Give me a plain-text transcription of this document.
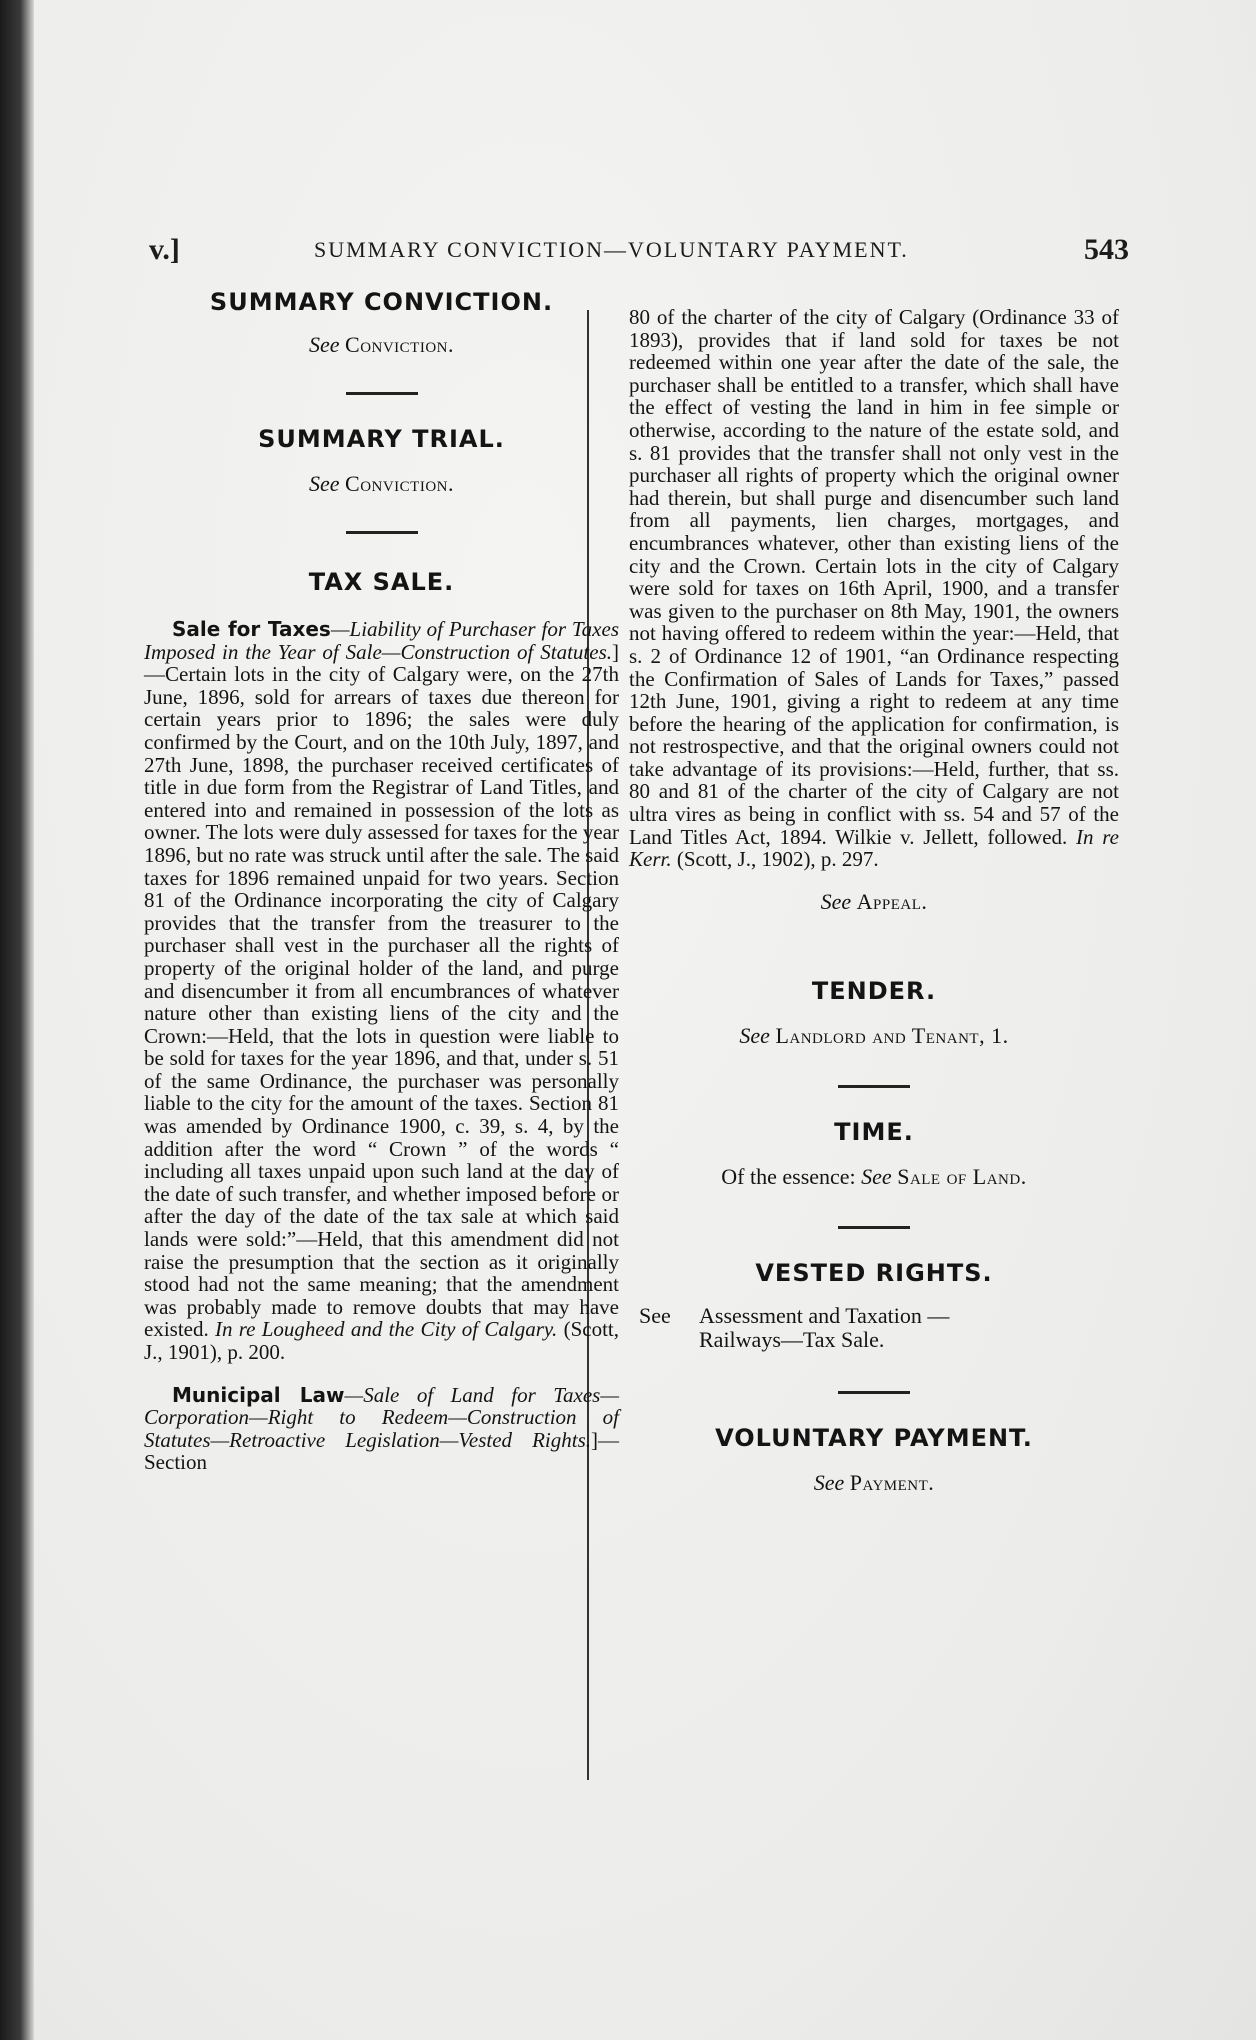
v.]	SUMMARY CONVICTION—VOLUNTARY PAYMENT.	543

SUMMARY CONVICTION.

See Conviction.

SUMMARY TRIAL.

See Conviction.

TAX SALE.

Sale for Taxes—Liability of Purchaser for Taxes Imposed in the Year of Sale—Construction of Statutes.]—Certain lots in the city of Calgary were, on the 27th June, 1896, sold for arrears of taxes due thereon for certain years prior to 1896; the sales were duly confirmed by the Court, and on the 10th July, 1897, and 27th June, 1898, the purchaser received certificates of title in due form from the Registrar of Land Titles, and entered into and remained in possession of the lots as owner. The lots were duly assessed for taxes for the year 1896, but no rate was struck until after the sale. The said taxes for 1896 remained unpaid for two years. Section 81 of the Ordinance incorporating the city of Calgary provides that the transfer from the treasurer to the purchaser shall vest in the purchaser all the rights of property of the original holder of the land, and purge and disencumber it from all encumbrances of whatever nature other than existing liens of the city and the Crown:—Held, that the lots in question were liable to be sold for taxes for the year 1896, and that, under s. 51 of the same Ordinance, the purchaser was personally liable to the city for the amount of the taxes. Section 81 was amended by Ordinance 1900, c. 39, s. 4, by the addition after the word “ Crown ” of the words “ including all taxes unpaid upon such land at the day of the date of such transfer, and whether imposed before or after the day of the date of the tax sale at which said lands were sold:”—Held, that this amendment did not raise the presumption that the section as it originally stood had not the same meaning; that the amendment was probably made to remove doubts that may have existed. In re Lougheed and the City of Calgary. (Scott, J., 1901), p. 200.

Municipal Law—Sale of Land for Taxes—Corporation—Right to Redeem—Construction of Statutes—Retroactive Legislation—Vested Rights.]—Section

80 of the charter of the city of Calgary (Ordinance 33 of 1893), provides that if land sold for taxes be not redeemed within one year after the date of the sale, the purchaser shall be entitled to a transfer, which shall have the effect of vesting the land in him in fee simple or otherwise, according to the nature of the estate sold, and s. 81 provides that the transfer shall not only vest in the purchaser all rights of property which the original owner had therein, but shall purge and disencumber such land from all payments, lien charges, mortgages, and encumbrances whatever, other than existing liens of the city and the Crown. Certain lots in the city of Calgary were sold for taxes on 16th April, 1900, and a transfer was given to the purchaser on 8th May, 1901, the owners not having offered to redeem within the year:—Held, that s. 2 of Ordinance 12 of 1901, “an Ordinance respecting the Confirmation of Sales of Lands for Taxes,” passed 12th June, 1901, giving a right to redeem at any time before the hearing of the application for confirmation, is not restrospective, and that the original owners could not take advantage of its provisions:—Held, further, that ss. 80 and 81 of the charter of the city of Calgary are not ultra vires as being in conflict with ss. 54 and 57 of the Land Titles Act, 1894. Wilkie v. Jellett, followed. In re Kerr. (Scott, J., 1902), p. 297.

See Appeal.

TENDER.

See Landlord and Tenant, 1.

TIME.

Of the essence: See Sale of Land.

VESTED RIGHTS.

See Assessment and Taxation —
Railways—Tax Sale.

VOLUNTARY PAYMENT.

See Payment.
